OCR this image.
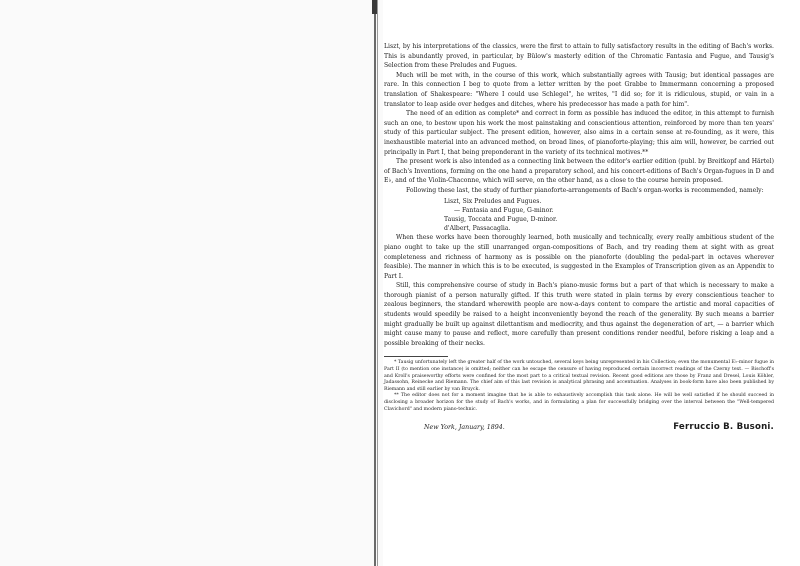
Liszt, by his interpretations of the classics, were the first to attain to fully satisfactory results in the editing of Bach's works. This is abundantly proved, in particular, by Bülow's masterly edition of the Chromatic Fantasia and Fugue, and Tausig's Selection from these Preludes and Fugues.

Much will be met with, in the course of this work, which substantially agrees with Tausig; but identical passages are rare. In this connection I beg to quote from a letter written by the poet Grabbe to Immermann concerning a proposed translation of Shakespeare: "Where I could use Schlegel", he writes, "I did so; for it is ridiculous, stupid, or vain in a translator to leap aside over hedges and ditches, where his predecessor has made a path for him".

The need of an edition as complete* and correct in form as possible has induced the editor, in this attempt to furnish such an one, to bestow upon his work the most painstaking and conscientious attention, reinforced by more than ten years' study of this particular subject. The present edition, however, also aims in a certain sense at re-founding, as it were, this inexhaustible material into an advanced method, on broad lines, of pianoforte-playing; this aim will, however, be carried out principally in Part I, that being preponderant in the variety of its technical motives.**

The present work is also intended as a connecting link between the editor's earlier edition (publ. by Breitkopf and Härtel) of Bach's Inventions, forming on the one hand a preparatory school, and his concert-editions of Bach's Organ-fugues in D and E♭, and of the Violin-Chaconne, which will serve, on the other hand, as a close to the course herein proposed.

Following these last, the study of further pianoforte-arrangements of Bach's organ-works is recommended, namely:

Liszt, Six Preludes and Fugues.
— Fantasia and Fugue, G-minor.
Tausig, Toccata and Fugue, D-minor.
d'Albert, Passacaglia.

When these works have been thoroughly learned, both musically and technically, every really ambitious student of the piano ought to take up the still unarranged organ-compositions of Bach, and try reading them at sight with as great completeness and richness of harmony as is possible on the pianoforte (doubling the pedal-part in octaves wherever feasible). The manner in which this is to be executed, is suggested in the Examples of Transcription given as an Appendix to Part I.

Still, this comprehensive course of study in Bach's piano-music forms but a part of that which is necessary to make a thorough pianist of a person naturally gifted. If this truth were stated in plain terms by every conscientious teacher to zealous beginners, the standard wherewith people are now-a-days content to compare the artistic and moral capacities of students would speedily be raised to a height inconveniently beyond the reach of the generality. By such means a barrier might gradually be built up against dilettantism and mediocrity, and thus against the degeneration of art, — a barrier which might cause many to pause and reflect, more carefully than present conditions render needful, before risking a leap and a possible breaking of their necks.

* Tausig unfortunately left the greater half of the work untouched, several keys being unrepresented in his Collection; even the monumental E♭-minor fugue in Part II (to mention one instance) is omitted; neither can he escape the censure of having reproduced certain incorrect readings of the Czerny text. — Bischoff's and Kroll's praiseworthy efforts were confined for the most part to a critical textual revision. Recent good editions are those by Franz and Dresel, Louis Köhler, Jadassohn, Reinecke and Riemann. The chief aim of this last revision is analytical phrasing and accentuation. Analyses in book-form have also been published by Riemann and still earlier by van Bruyck.

** The editor does not for a moment imagine that he is able to exhaustively accomplish this task alone. He will be well satisfied if he should succeed in disclosing a broader horizon for the study of Bach's works, and in formulating a plan for successfully bridging over the interval between the "Well-tempered Clavichord" and modern piano-technic.

New York, January, 1894.	Ferruccio B. Busoni.
